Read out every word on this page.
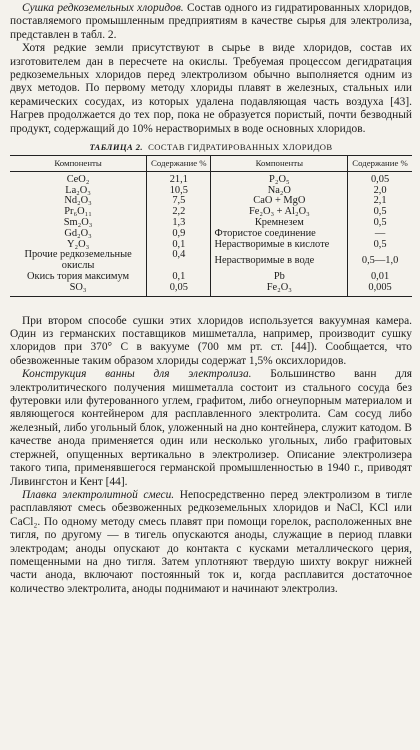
Сушка редкоземельных хлоридов. Состав одного из гидратированных хлоридов, поставляемого промышленным предприятиям в качестве сырья для электролиза, представлен в табл. 2.

Хотя редкие земли присутствуют в сырье в виде хлоридов, состав их изготовителем дан в пересчете на окислы. Требуемая процессом дегидратация редкоземельных хлоридов перед электролизом обычно выполняется одним из двух методов. По первому методу хлориды плавят в железных, стальных или керамических сосудах, из которых удалена подавляющая часть воздуха [43]. Нагрев продолжается до тех пор, пока не образуется пористый, почти безводный продукт, содержащий до 10% нерастворимых в воде основных хлоридов.

ТАБЛИЦА 2. СОСТАВ ГИДРАТИРОВАННЫХ ХЛОРИДОВ
Компоненты	Содержание %	Компоненты	Содержание %
CeO₂	21,1	P₂O₅	0,05
La₂O₃	10,5	Na₂O	2,0
Nd₂O₃	7,5	CaO + MgO	2,1
Pr₆O₁₁	2,2	Fe₂O₃ + Al₂O₃	0,5
Sm₂O₃	1,3	Кремнезем	0,5
Gd₂O₃	0,9	Фтористое соединение	—
Y₂O₃	0,1	Нерастворимые в кислоте	0,5
Прочие редкоземельные окислы	0,4	Нерастворимые в воде	0,5—1,0
Окись тория максимум	0,1	Pb	0,01
SO₃	0,05	Fe₂O₃	0,005

При втором способе сушки этих хлоридов используется вакуумная камера. Один из германских поставщиков мишметалла, например, производит сушку хлоридов при 370° С в вакууме (700 мм рт. ст. [44]). Сообщается, что обезвоженные таким образом хлориды содержат 1,5% оксихлоридов.

Конструкция ванны для электролиза. Большинство ванн для электролитического получения мишметалла состоит из стального сосуда без футеровки или футерованного углем, графитом, либо огнеупорным материалом и являющегося контейнером для расплавленного электролита. Сам сосуд либо железный, либо угольный блок, уложенный на дно контейнера, служит катодом. В качестве анода применяется один или несколько угольных, либо графитовых стержней, опущенных вертикально в электролизер. Описание электролизера такого типа, применявшегося германской промышленностью в 1940 г., приводят Ливингстон и Кент [44].

Плавка электролитной смеси. Непосредственно перед электролизом в тигле расплавляют смесь обезвоженных редкоземельных хлоридов и NaCl, KCl или CaCl₂. По одному методу смесь плавят при помощи горелок, расположенных вне тигля, по другому — в тигель опускаются аноды, служащие в период плавки электродам; аноды опускают до контакта с кусками металлического церия, помещенными на дно тигля. Затем уплотняют твердую шихту вокруг нижней части анода, включают постоянный ток и, когда расплавится достаточное количество электролита, аноды поднимают и начинают электролиз.
